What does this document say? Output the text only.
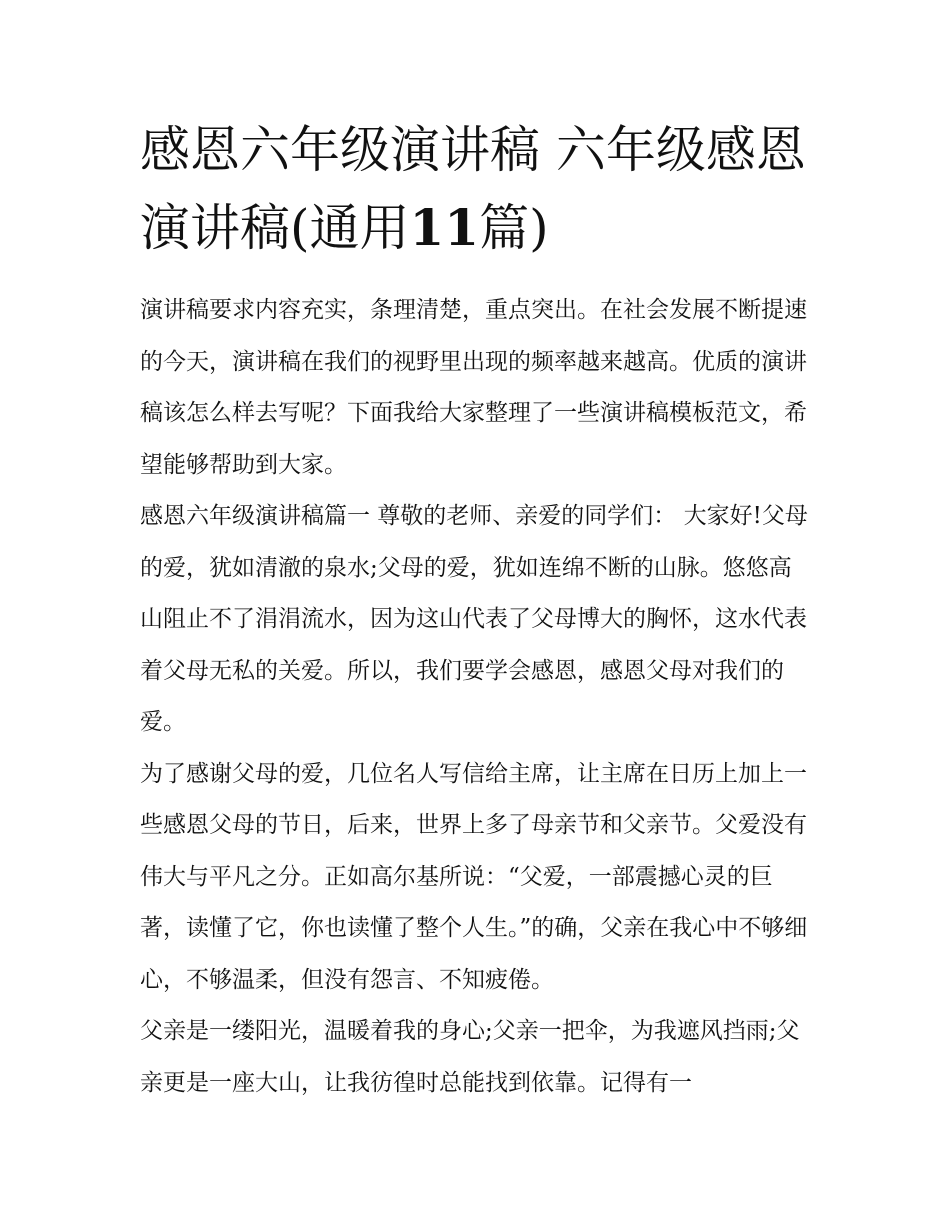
感恩六年级演讲稿 六年级感恩演讲稿(通用11篇)

演讲稿要求内容充实，条理清楚，重点突出。在社会发展不断提速的今天，演讲稿在我们的视野里出现的频率越来越高。优质的演讲稿该怎么样去写呢？下面我给大家整理了一些演讲稿模板范文，希望能够帮助到大家。

感恩六年级演讲稿篇一 尊敬的老师、亲爱的同学们： 大家好!父母的爱，犹如清澈的泉水;父母的爱，犹如连绵不断的山脉。悠悠高山阻止不了涓涓流水，因为这山代表了父母博大的胸怀，这水代表着父母无私的关爱。所以，我们要学会感恩，感恩父母对我们的爱。

为了感谢父母的爱，几位名人写信给主席，让主席在日历上加上一些感恩父母的节日，后来，世界上多了母亲节和父亲节。父爱没有伟大与平凡之分。正如高尔基所说：“父爱，一部震撼心灵的巨著，读懂了它，你也读懂了整个人生。”的确，父亲在我心中不够细心，不够温柔，但没有怨言、不知疲倦。

父亲是一缕阳光，温暖着我的身心;父亲一把伞，为我遮风挡雨;父亲更是一座大山，让我彷徨时总能找到依靠。记得有一
